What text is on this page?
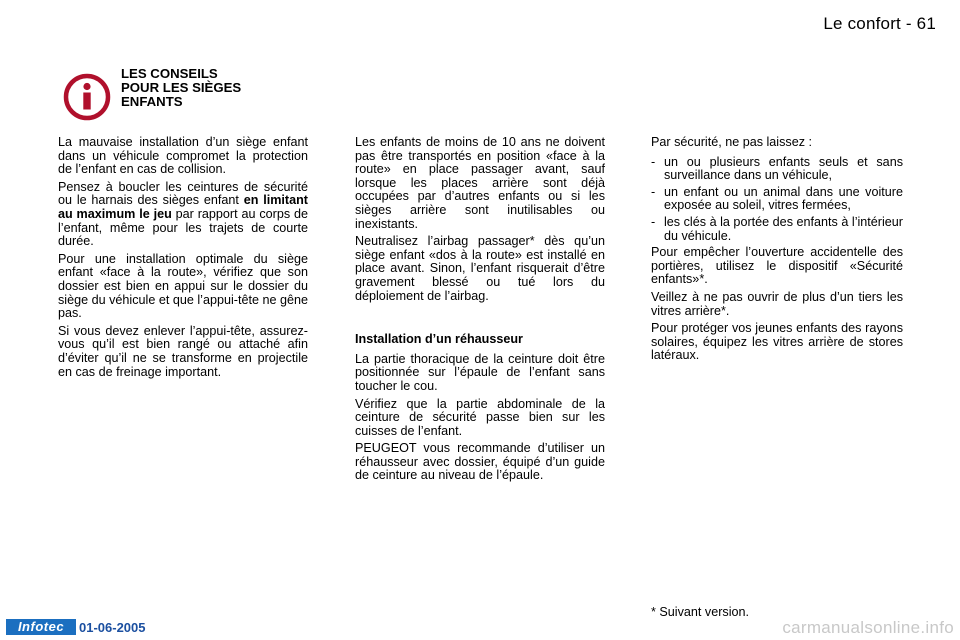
Le confort - 61
LES CONSEILS
POUR LES SIÈGES
ENFANTS

La mauvaise installation d’un siège enfant dans un véhicule compromet la protection de l’enfant en cas de collision.

Pensez à boucler les ceintures de sécurité ou le harnais des sièges enfant en limitant au maximum le jeu par rapport au corps de l’enfant, même pour les trajets de courte durée.

Pour une installation optimale du siège enfant «face à la route», vérifiez que son dossier est bien en appui sur le dossier du siège du véhicule et que l’appui-tête ne gêne pas.

Si vous devez enlever l’appui-tête, assurez-vous qu’il est bien rangé ou attaché afin d’éviter qu’il ne se transforme en projectile en cas de freinage important.

Les enfants de moins de 10 ans ne doivent pas être transportés en position «face à la route» en place passager avant, sauf lorsque les places arrière sont déjà occupées par d’autres enfants ou si les sièges arrière sont inutilisables ou inexistants.

Neutralisez l’airbag passager* dès qu’un siège enfant «dos à la route» est installé en place avant. Sinon, l’enfant risquerait d’être gravement blessé ou tué lors du déploiement de l’airbag.

Installation d’un réhausseur

La partie thoracique de la ceinture doit être positionnée sur l’épaule de l’enfant sans toucher le cou.

Vérifiez que la partie abdominale de la ceinture de sécurité passe bien sur les cuisses de l’enfant.

PEUGEOT vous recommande d’utiliser un réhausseur avec dossier, équipé d’un guide de ceinture au niveau de l’épaule.

Par sécurité, ne pas laissez :

- un ou plusieurs enfants seuls et sans surveillance dans un véhicule,
- un enfant ou un animal dans une voiture exposée au soleil, vitres fermées,
- les clés à la portée des enfants à l’intérieur du véhicule.

Pour empêcher l’ouverture accidentelle des portières, utilisez le dispositif «Sécurité enfants»*.

Veillez à ne pas ouvrir de plus d’un tiers les vitres arrière*.

Pour protéger vos jeunes enfants des rayons solaires, équipez les vitres arrière de stores latéraux.

* Suivant version.
Infotec	01-06-2005	carmanualsonline.info
